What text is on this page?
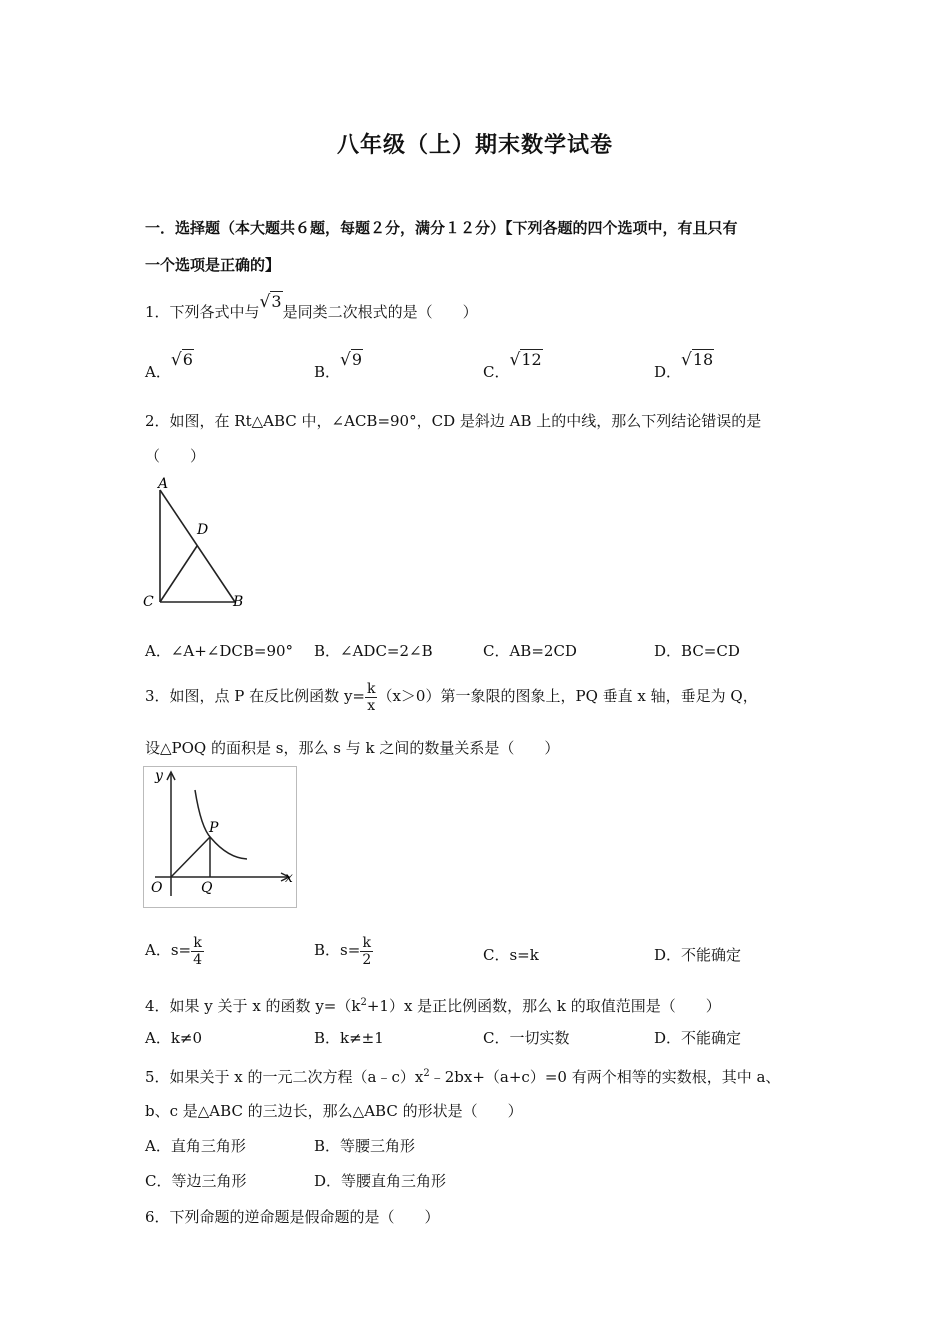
八年级（上）期末数学试卷
一．选择题（本大题共６题，每题２分，满分１２分）【下列各题的四个选项中，有且只有
一个选项是正确的】
1．下列各式中与√3是同类二次根式的是（　　）
A．√6
B．√9
C．√12
D．√18
2．如图，在 Rt△ABC 中，∠ACB=90°，CD 是斜边 AB 上的中线，那么下列结论错误的是
（　　）
A
D
C	B
A．∠A+∠DCB=90° B．∠ADC=2∠B	C．AB=2CD	D．BC=CD
3．如图，点 P 在反比例函数 $y= \frac{k}{x} (x>0)$第一象限的图象上，PQ 垂直 x 轴，垂足为 Q，
设△POQ 的面积是 s，那么 s 与 k 之间的数量关系是（　　）
y
x
O	Q
P
A．$s= \frac{k}{4}$	B．$s= \frac{k}{2}$	C．s=k	D．不能确定
4．如果 y 关于 x 的函数 $y=(k^2+1)x$ 是正比例函数，那么 k 的取值范围是（　　）
A．k≠0	B．k≠±1	C．一切实数	D．不能确定
5．如果关于 x 的一元二次方程$(a﹣c)x^2﹣2bx+(a+c)=0$ 有两个相等的实数根，其中 a、
b、c 是△ABC 的三边长，那么△ABC 的形状是（　　）
A．直角三角形	B．等腰三角形
C．等边三角形	D．等腰直角三角形
6．下列命题的逆命题是假命题的是（　　）
